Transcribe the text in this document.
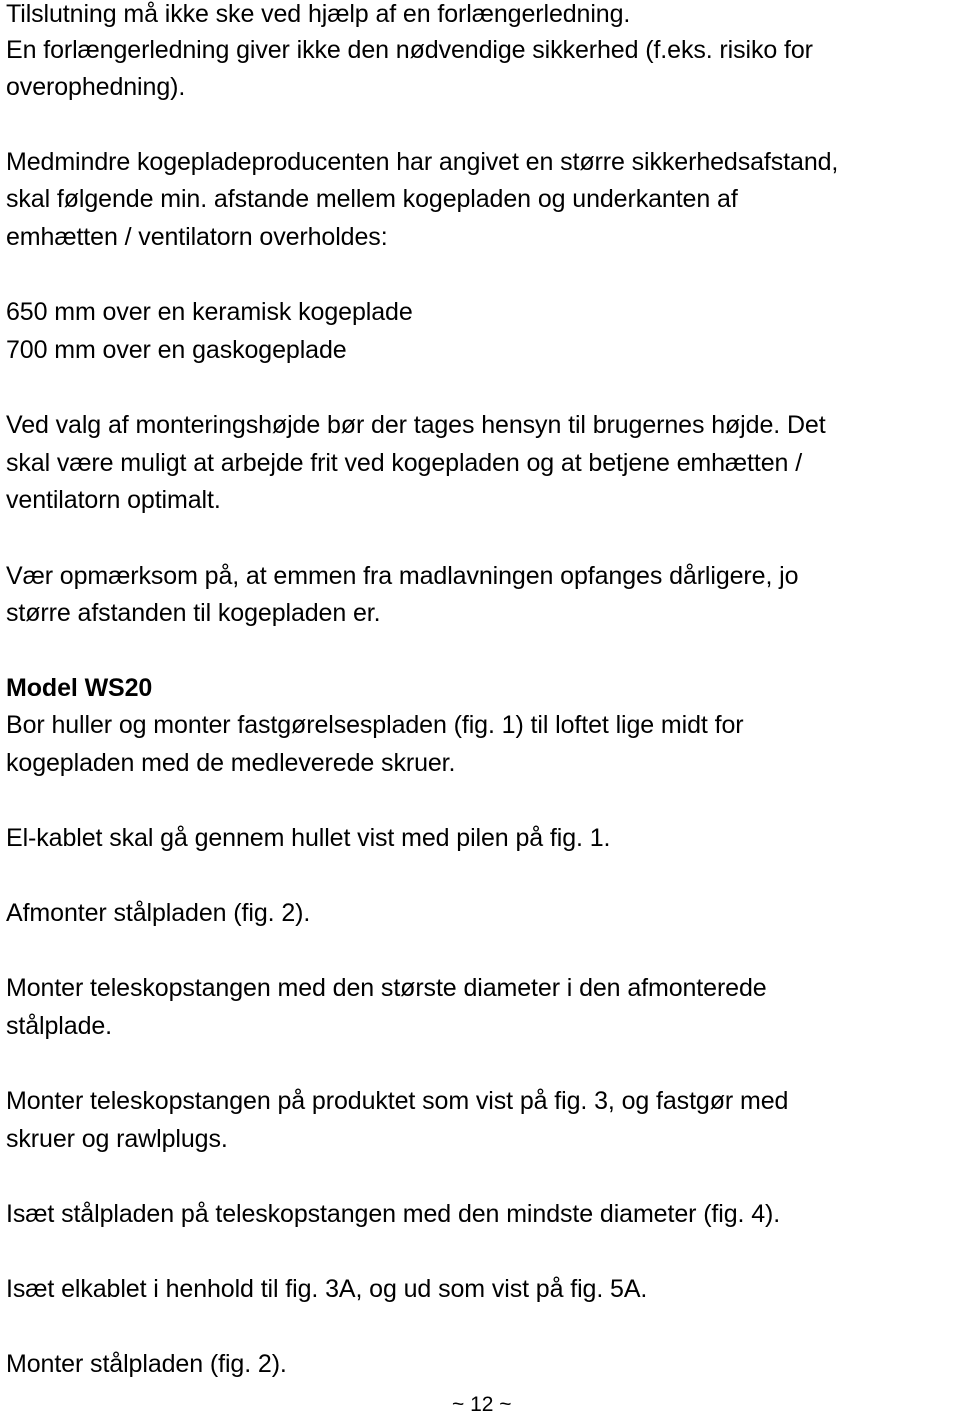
Tilslutning må ikke ske ved hjælp af en forlængerledning.
En forlængerledning giver ikke den nødvendige sikkerhed (f.eks. risiko for
overophedning).
Medmindre kogepladeproducenten har angivet en større sikkerhedsafstand,
skal følgende min. afstande mellem kogepladen og underkanten af
emhætten / ventilatorn overholdes:
650 mm over en keramisk kogeplade
700 mm over en gaskogeplade
Ved valg af monteringshøjde bør der tages hensyn til brugernes højde. Det
skal være muligt at arbejde frit ved kogepladen og at betjene emhætten /
ventilatorn optimalt.
Vær opmærksom på, at emmen fra madlavningen opfanges dårligere, jo
større afstanden til kogepladen er.
Model WS20
Bor huller og monter fastgørelsespladen (fig. 1) til loftet lige midt for
kogepladen med de medleverede skruer.
El-kablet skal gå gennem hullet vist med pilen på fig. 1.
Afmonter stålpladen (fig. 2).
Monter teleskopstangen med den største diameter i den afmonterede
stålplade.
Monter teleskopstangen på produktet som vist på fig. 3, og fastgør med
skruer og rawlplugs.
Isæt stålpladen på teleskopstangen med den mindste diameter (fig. 4).
Isæt elkablet i henhold til fig. 3A, og ud som vist på fig. 5A.
Monter stålpladen (fig. 2).
~ 12 ~
